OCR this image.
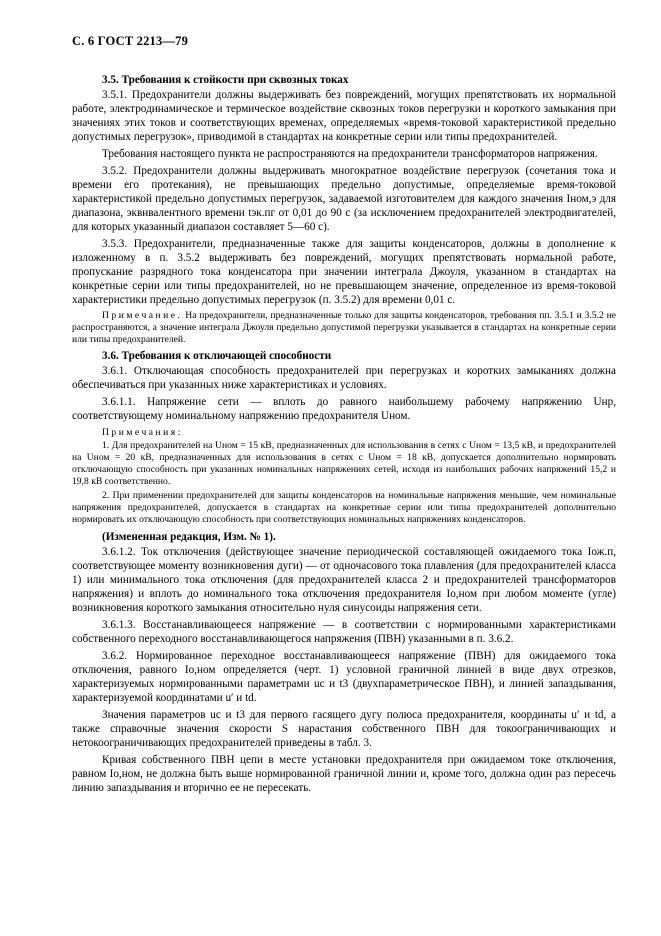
С. 6 ГОСТ 2213—79
3.5. Требования к стойкости при сквозных токах

3.5.1. Предохранители должны выдерживать без повреждений, могущих препятствовать их нормальной работе, электродинамическое и термическое воздействие сквозных токов перегрузки и короткого замыкания при значениях этих токов и соответствующих временах, определяемых «время-токовой характеристикой предельно допустимых перегрузок», приводимой в стандартах на конкретные серии или типы предохранителей.

Требования настоящего пункта не распространяются на предохранители трансформаторов напряжения.

3.5.2. Предохранители должны выдерживать многократное воздействие перегрузок (сочетания тока и времени его протекания), не превышающих предельно допустимые, определяемые время-токовой характеристикой предельно допустимых перегрузок, задаваемой изготовителем для каждого значения Iном,э для диапазона, эквивалентного времени tэк.пг от 0,01 до 90 с (за исключением предохранителей электродвигателей, для которых указанный диапазон составляет 5—60 с).

3.5.3. Предохранители, предназначенные также для защиты конденсаторов, должны в дополнение к изложенному в п. 3.5.2 выдерживать без повреждений, могущих препятствовать нормальной работе, пропускание разрядного тока конденсатора при значении интеграла Джоуля, указанном в стандартах на конкретные серии или типы предохранителей, но не превышающем значение, определенное из время-токовой характеристики предельно допустимых перегрузок (п. 3.5.2) для времени 0,01 с.

Примечание. На предохранители, предназначенные только для защиты конденсаторов, требования пп. 3.5.1 и 3.5.2 не распространяются, а значение интеграла Джоуля предельно допустимой перегрузки указывается в стандартах на конкретные серии или типы предохранителей.
3.6. Требования к отключающей способности

3.6.1. Отключающая способность предохранителей при перегрузках и коротких замыканиях должна обеспечиваться при указанных ниже характеристиках и условиях.

3.6.1.1. Напряжение сети — вплоть до равного наибольшему рабочему напряжению Uнр, соответствующему номинальному напряжению предохранителя Uном.

Примечания:
1. Для предохранителей на Uном = 15 кВ, предназначенных для использования в сетях с Uном = 13,5 кВ, и предохранителей на Uном = 20 кВ, предназначенных для использования в сетях с Uном = 18 кВ, допускается дополнительно нормировать отключающую способность при указанных номинальных напряжениях сетей, исходя из наибольших рабочих напряжений 15,2 и 19,8 кВ соответственно.
2. При применении предохранителей для защиты конденсаторов на номинальные напряжения меньшие, чем номинальные напряжения предохранителей, допускается в стандартах на конкретные серии или типы предохранителей дополнительно нормировать их отключающую способность при соответствующих номинальных напряжениях конденсаторов.
(Измененная редакция, Изм. № 1).

3.6.1.2. Ток отключения (действующее значение периодической составляющей ожидаемого тока Iож.п, соответствующее моменту возникновения дуги) — от одночасового тока плавления (для предохранителей класса 1) или минимального тока отключения (для предохранителей класса 2 и предохранителей трансформаторов напряжения) и вплоть до номинального тока отключения предохранителя Iо,ном при любом моменте (угле) возникновения короткого замыкания относительно нуля синусоиды напряжения сети.

3.6.1.3. Восстанавливающееся напряжение — в соответствии с нормированными характеристиками собственного переходного восстанавливающегося напряжения (ПВН) указанными в п. 3.6.2.

3.6.2. Нормированное переходное восстанавливающееся напряжение (ПВН) для ожидаемого тока отключения, равного Iо,ном определяется (черт. 1) условной граничной линией в виде двух отрезков, характеризуемых нормированными параметрами uc и t3 (двухпараметрическое ПВН), и линией запаздывания, характеризуемой координатами u′ и td.

Значения параметров uc и t3 для первого гасящего дугу полюса предохранителя, координаты u′ и td, а также справочные значения скорости S нарастания собственного ПВН для токоограничивающих и нетокоограничивающих предохранителей приведены в табл. 3.

Кривая собственного ПВН цепи в месте установки предохранителя при ожидаемом токе отключения, равном Iо,ном, не должна быть выше нормированной граничной линии и, кроме того, должна один раз пересечь линию запаздывания и вторично ее не пересекать.
